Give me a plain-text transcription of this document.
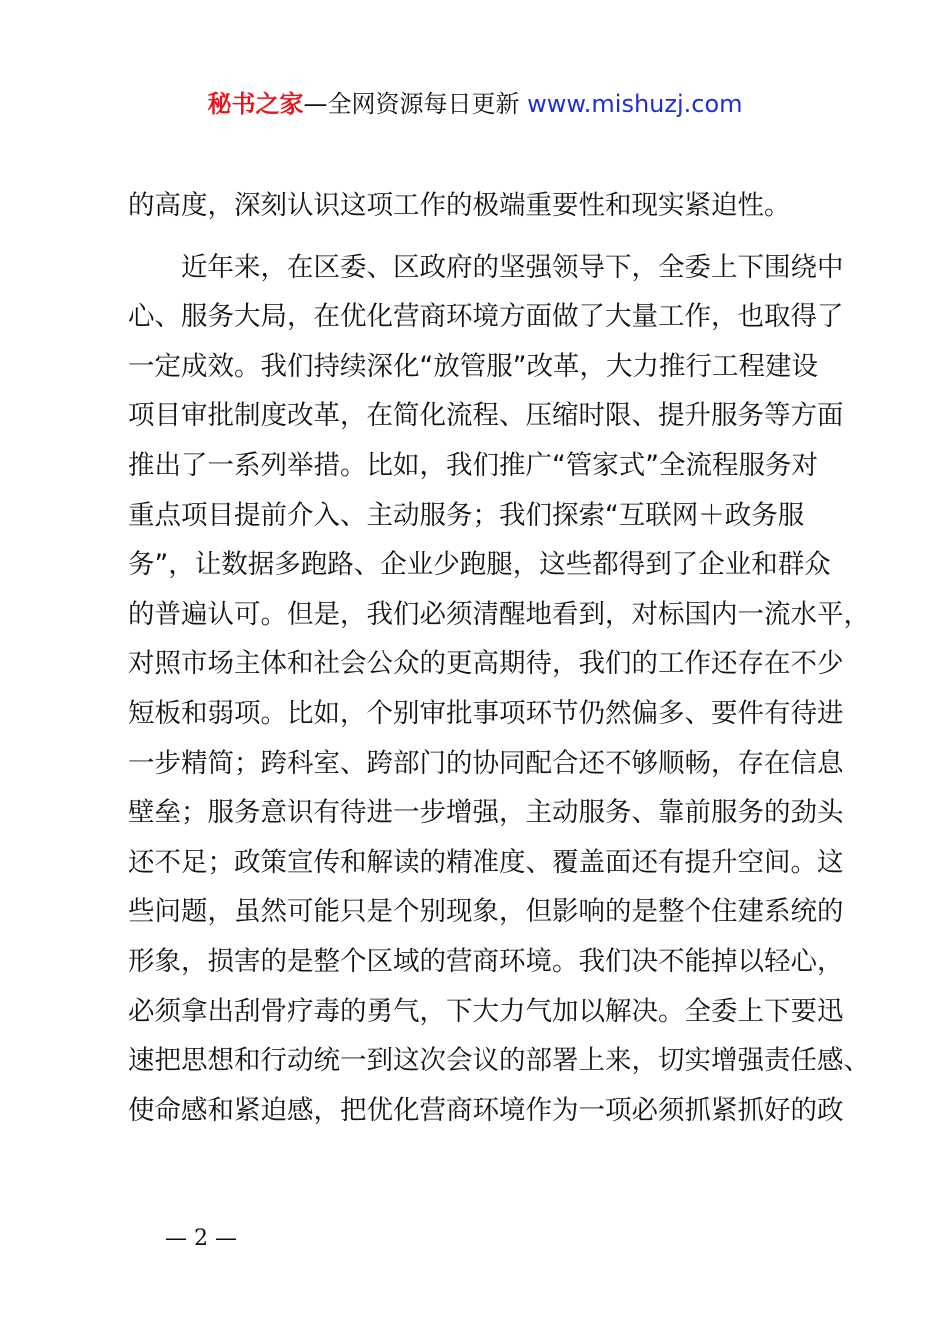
秘书之家—全网资源每日更新 www.mishuzj.com
的高度，深刻认识这项工作的极端重要性和现实紧迫性。
近年来，在区委、区政府的坚强领导下，全委上下围绕中
心、服务大局，在优化营商环境方面做了大量工作，也取得了
一定成效。我们持续深化“放管服”改革，大力推行工程建设
项目审批制度改革，在简化流程、压缩时限、提升服务等方面
推出了一系列举措。比如，我们推广“管家式”全流程服务对
重点项目提前介入、主动服务；我们探索“互联网＋政务服
务”，让数据多跑路、企业少跑腿，这些都得到了企业和群众
的普遍认可。但是，我们必须清醒地看到，对标国内一流水平，
对照市场主体和社会公众的更高期待，我们的工作还存在不少
短板和弱项。比如，个别审批事项环节仍然偏多、要件有待进
一步精简；跨科室、跨部门的协同配合还不够顺畅，存在信息
壁垒；服务意识有待进一步增强，主动服务、靠前服务的劲头
还不足；政策宣传和解读的精准度、覆盖面还有提升空间。这
些问题，虽然可能只是个别现象，但影响的是整个住建系统的
形象，损害的是整个区域的营商环境。我们决不能掉以轻心，
必须拿出刮骨疗毒的勇气，下大力气加以解决。全委上下要迅
速把思想和行动统一到这次会议的部署上来，切实增强责任感、
使命感和紧迫感，把优化营商环境作为一项必须抓紧抓好的政
— 2 —
